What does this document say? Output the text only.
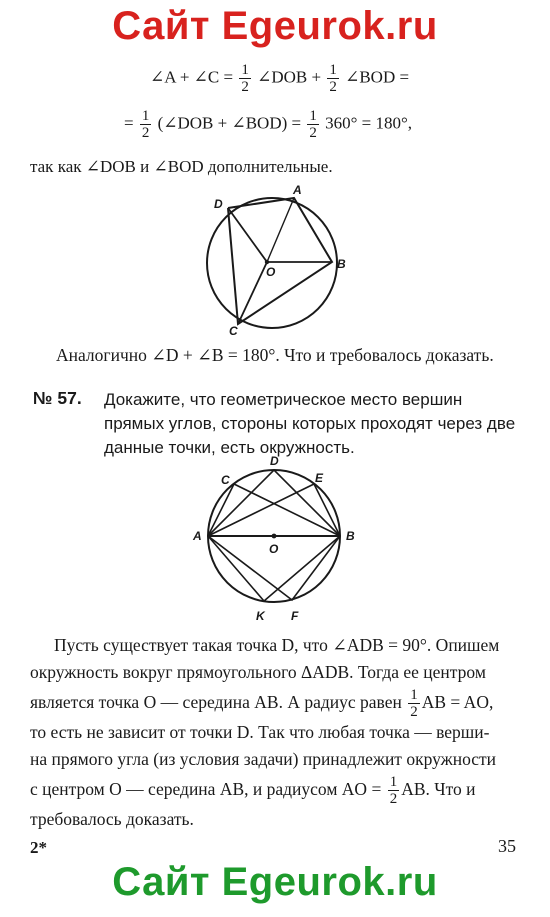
Сайт Egeurok.ru
∠A + ∠C = $\frac{1}{2}$ ∠DOB + $\frac{1}{2}$ ∠BOD =
= $\frac{1}{2}$ (∠DOB + ∠BOD) = $\frac{1}{2} 360^\circ = 180^\circ$,
так как ∠DOB и ∠BOD дополнительные.
D
A
O
B
C
Аналогично ∠D + ∠B = 180°. Что и требовалось доказать.
№ 57. Докажите, что геометрическое место вершин прямых углов, стороны которых проходят через две данные точки, есть окружность.
C
D
E
A
O
B
K F
Пусть существует такая точка D, что ∠ADB = 90°. Опишем
окружность вокруг прямоугольного ΔADB. Тогда ее центром
является точка O — середина AB. А радиус равен $\frac{1}{2}$ AB = AO,
то есть не зависит от точки D. Так что любая точка — верши-
на прямого угла (из условия задачи) принадлежит окружности
с центром O — середина AB, и радиусом AO = $\frac{1}{2}$ AB. Что и
требовалось доказать.
2*	35
Сайт Egeurok.ru
